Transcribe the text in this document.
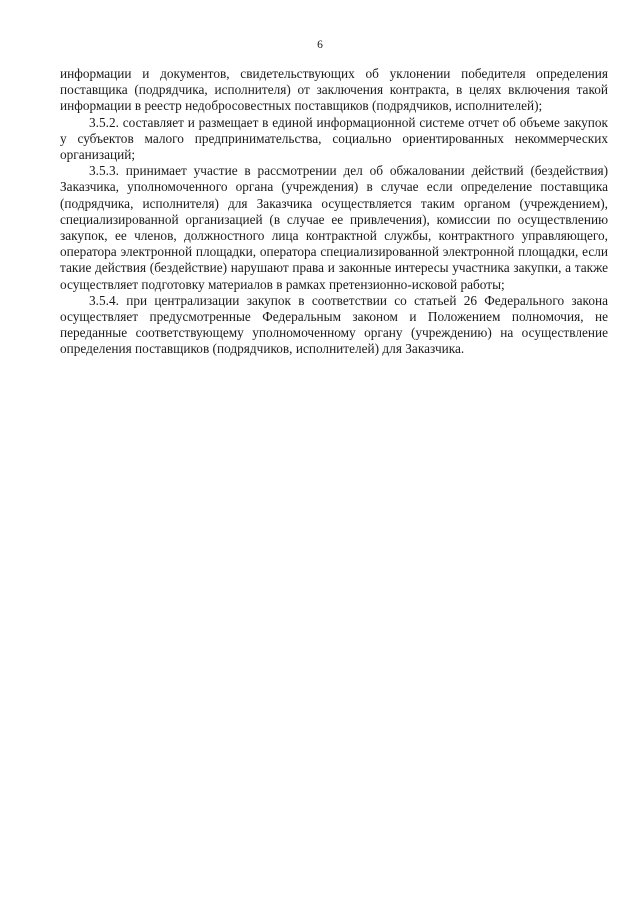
6

информации и документов, свидетельствующих об уклонении победителя определения поставщика (подрядчика, исполнителя) от заключения контракта, в целях включения такой информации в реестр недобросовестных поставщиков (подрядчиков, исполнителей);

3.5.2. составляет и размещает в единой информационной системе отчет об объеме закупок у субъектов малого предпринимательства, социально ориентированных некоммерческих организаций;

3.5.3. принимает участие в рассмотрении дел об обжаловании действий (бездействия) Заказчика, уполномоченного органа (учреждения) в случае если определение поставщика (подрядчика, исполнителя) для Заказчика осуществляется таким органом (учреждением), специализированной организацией (в случае ее привлечения), комиссии по осуществлению закупок, ее членов, должностного лица контрактной службы, контрактного управляющего, оператора электронной площадки, оператора специализированной электронной площадки, если такие действия (бездействие) нарушают права и законные интересы участника закупки, а также осуществляет подготовку материалов в рамках претензионно-исковой работы;

3.5.4. при централизации закупок в соответствии со статьей 26 Федерального закона осуществляет предусмотренные Федеральным законом и Положением полномочия, не переданные соответствующему уполномоченному органу (учреждению) на осуществление определения поставщиков (подрядчиков, исполнителей) для Заказчика.
